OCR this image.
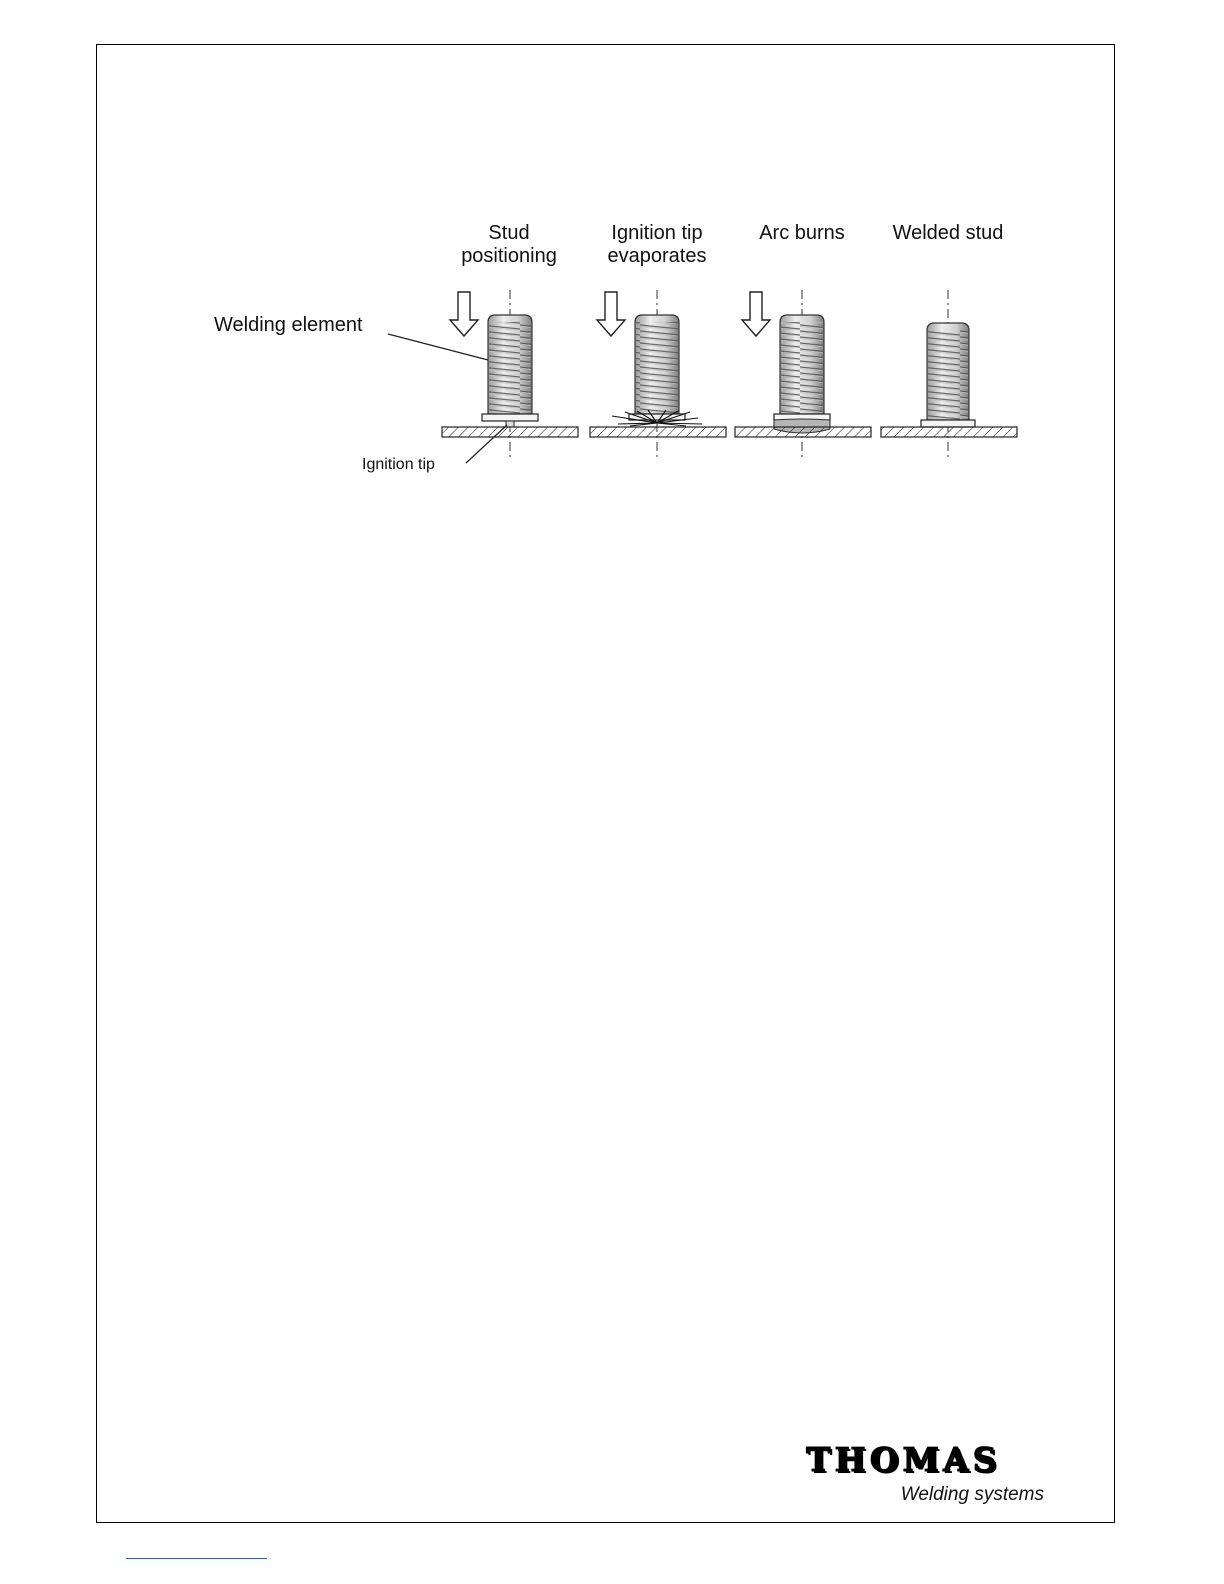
Stud
positioning
Ignition tip
evaporates
Arc burns	Welded stud
Welding element
Ignition tip
THOMAS
Welding systems
